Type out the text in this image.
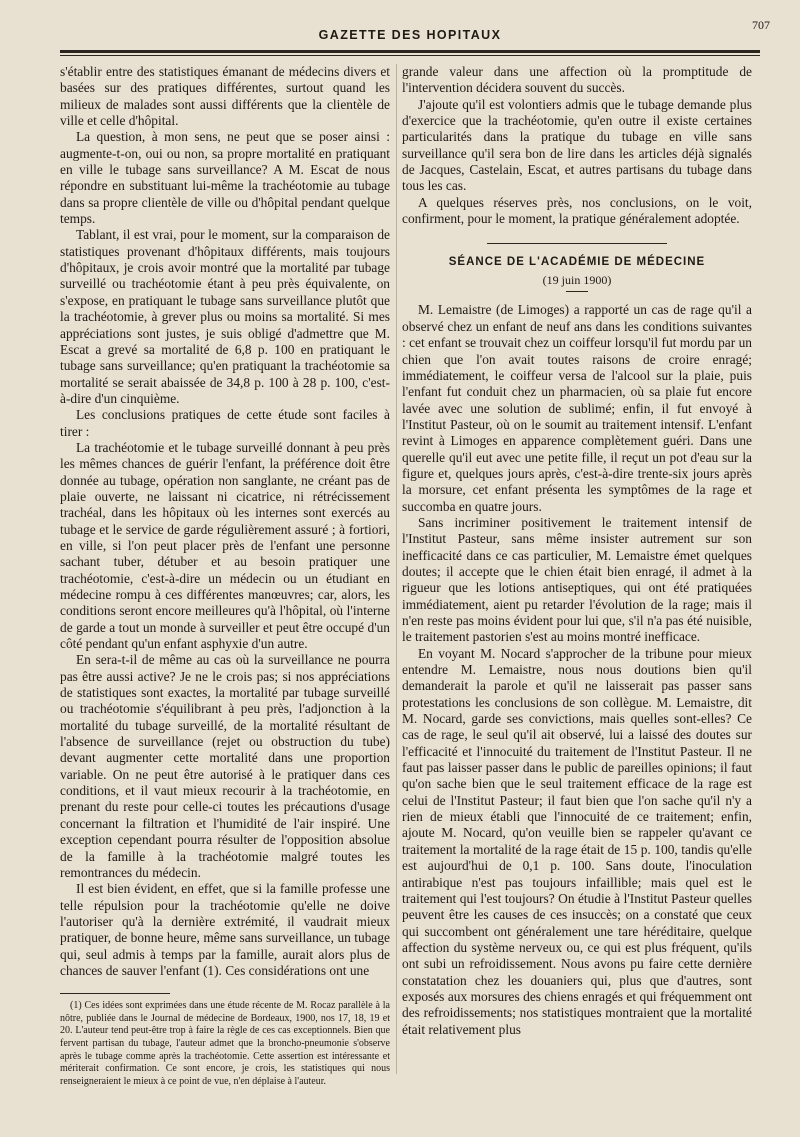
GAZETTE DES HOPITAUX
707

s'établir entre des statistiques émanant de médecins divers et basées sur des pratiques différentes, surtout quand les milieux de malades sont aussi différents que la clientèle de ville et celle d'hôpital.

La question, à mon sens, ne peut que se poser ainsi : augmente-t-on, oui ou non, sa propre mortalité en pratiquant en ville le tubage sans surveillance? A M. Escat de nous répondre en substituant lui-même la trachéotomie au tubage dans sa propre clientèle de ville ou d'hôpital pendant quelque temps.

Tablant, il est vrai, pour le moment, sur la comparaison de statistiques provenant d'hôpitaux différents, mais toujours d'hôpitaux, je crois avoir montré que la mortalité par tubage surveillé ou trachéotomie étant à peu près équivalente, on s'expose, en pratiquant le tubage sans surveillance plutôt que la trachéotomie, à grever plus ou moins sa mortalité. Si mes appréciations sont justes, je suis obligé d'admettre que M. Escat a grevé sa mortalité de 6,8 p. 100 en pratiquant le tubage sans surveillance; qu'en pratiquant la trachéotomie sa mortalité se serait abaissée de 34,8 p. 100 à 28 p. 100, c'est-à-dire d'un cinquième.

Les conclusions pratiques de cette étude sont faciles à tirer :

La trachéotomie et le tubage surveillé donnant à peu près les mêmes chances de guérir l'enfant, la préférence doit être donnée au tubage, opération non sanglante, ne créant pas de plaie ouverte, ne laissant ni cicatrice, ni rétrécissement trachéal, dans les hôpitaux où les internes sont exercés au tubage et le service de garde régulièrement assuré ; à fortiori, en ville, si l'on peut placer près de l'enfant une personne sachant tuber, détuber et au besoin pratiquer une trachéotomie, c'est-à-dire un médecin ou un étudiant en médecine rompu à ces différentes manœuvres; car, alors, les conditions seront encore meilleures qu'à l'hôpital, où l'interne de garde a tout un monde à surveiller et peut être occupé d'un côté pendant qu'un enfant asphyxie d'un autre.

En sera-t-il de même au cas où la surveillance ne pourra pas être aussi active? Je ne le crois pas; si nos appréciations de statistiques sont exactes, la mortalité par tubage surveillé ou trachéotomie s'équilibrant à peu près, l'adjonction à la mortalité du tubage surveillé, de la mortalité résultant de l'absence de surveillance (rejet ou obstruction du tube) devant augmenter cette mortalité dans une proportion variable. On ne peut être autorisé à le pratiquer dans ces conditions, et il vaut mieux recourir à la trachéotomie, en prenant du reste pour celle-ci toutes les précautions d'usage concernant la filtration et l'humidité de l'air inspiré. Une exception cependant pourra résulter de l'opposition absolue de la famille à la trachéotomie malgré toutes les remontrances du médecin.

Il est bien évident, en effet, que si la famille professe une telle répulsion pour la trachéotomie qu'elle ne doive l'autoriser qu'à la dernière extrémité, il vaudrait mieux pratiquer, de bonne heure, même sans surveillance, un tubage qui, seul admis à temps par la famille, aurait alors plus de chances de sauver l'enfant (1). Ces considérations ont une

(1) Ces idées sont exprimées dans une étude récente de M. Rocaz parallèle à la nôtre, publiée dans le Journal de médecine de Bordeaux, 1900, nos 17, 18, 19 et 20. L'auteur tend peut-être trop à faire la règle de ces cas exceptionnels. Bien que fervent partisan du tubage, l'auteur admet que la broncho-pneumonie s'observe après le tubage comme après la trachéotomie. Cette assertion est intéressante et mériterait confirmation. Ce sont encore, je crois, les statistiques qui nous renseigneraient le mieux à ce point de vue, n'en déplaise à l'auteur.

grande valeur dans une affection où la promptitude de l'intervention décidera souvent du succès.

J'ajoute qu'il est volontiers admis que le tubage demande plus d'exercice que la trachéotomie, qu'en outre il existe certaines particularités dans la pratique du tubage en ville sans surveillance qu'il sera bon de lire dans les articles déjà signalés de Jacques, Castelain, Escat, et autres partisans du tubage dans tous les cas.

A quelques réserves près, nos conclusions, on le voit, confirment, pour le moment, la pratique généralement adoptée.

SÉANCE DE L'ACADÉMIE DE MÉDECINE
(19 juin 1900)

M. Lemaistre (de Limoges) a rapporté un cas de rage qu'il a observé chez un enfant de neuf ans dans les conditions suivantes : cet enfant se trouvait chez un coiffeur lorsqu'il fut mordu par un chien que l'on avait toutes raisons de croire enragé; immédiatement, le coiffeur versa de l'alcool sur la plaie, puis l'enfant fut conduit chez un pharmacien, où sa plaie fut encore lavée avec une solution de sublimé; enfin, il fut envoyé à l'Institut Pasteur, où on le soumit au traitement intensif. L'enfant revint à Limoges en apparence complètement guéri. Dans une querelle qu'il eut avec une petite fille, il reçut un pot d'eau sur la figure et, quelques jours après, c'est-à-dire trente-six jours après la morsure, cet enfant présenta les symptômes de la rage et succomba en quatre jours.

Sans incriminer positivement le traitement intensif de l'Institut Pasteur, sans même insister autrement sur son inefficacité dans ce cas particulier, M. Lemaistre émet quelques doutes; il accepte que le chien était bien enragé, il admet à la rigueur que les lotions antiseptiques, qui ont été pratiquées immédiatement, aient pu retarder l'évolution de la rage; mais il n'en reste pas moins évident pour lui que, s'il n'a pas été nuisible, le traitement pastorien s'est au moins montré inefficace.

En voyant M. Nocard s'approcher de la tribune pour mieux entendre M. Lemaistre, nous nous doutions bien qu'il demanderait la parole et qu'il ne laisserait pas passer sans protestations les conclusions de son collègue. M. Lemaistre, dit M. Nocard, garde ses convictions, mais quelles sont-elles? Ce cas de rage, le seul qu'il ait observé, lui a laissé des doutes sur l'efficacité et l'innocuité du traitement de l'Institut Pasteur. Il ne faut pas laisser passer dans le public de pareilles opinions; il faut qu'on sache bien que le seul traitement efficace de la rage est celui de l'Institut Pasteur; il faut bien que l'on sache qu'il n'y a rien de mieux établi que l'innocuité de ce traitement; enfin, ajoute M. Nocard, qu'on veuille bien se rappeler qu'avant ce traitement la mortalité de la rage était de 15 p. 100, tandis qu'elle est aujourd'hui de 0,1 p. 100. Sans doute, l'inoculation antirabique n'est pas toujours infaillible; mais quel est le traitement qui l'est toujours? On étudie à l'Institut Pasteur quelles peuvent être les causes de ces insuccès; on a constaté que ceux qui succombent ont généralement une tare héréditaire, quelque affection du système nerveux ou, ce qui est plus fréquent, qu'ils ont subi un refroidissement. Nous avons pu faire cette dernière constatation chez les douaniers qui, plus que d'autres, sont exposés aux morsures des chiens enragés et qui fréquemment ont des refroidissements; nos statistiques montraient que la mortalité était relativement plus
